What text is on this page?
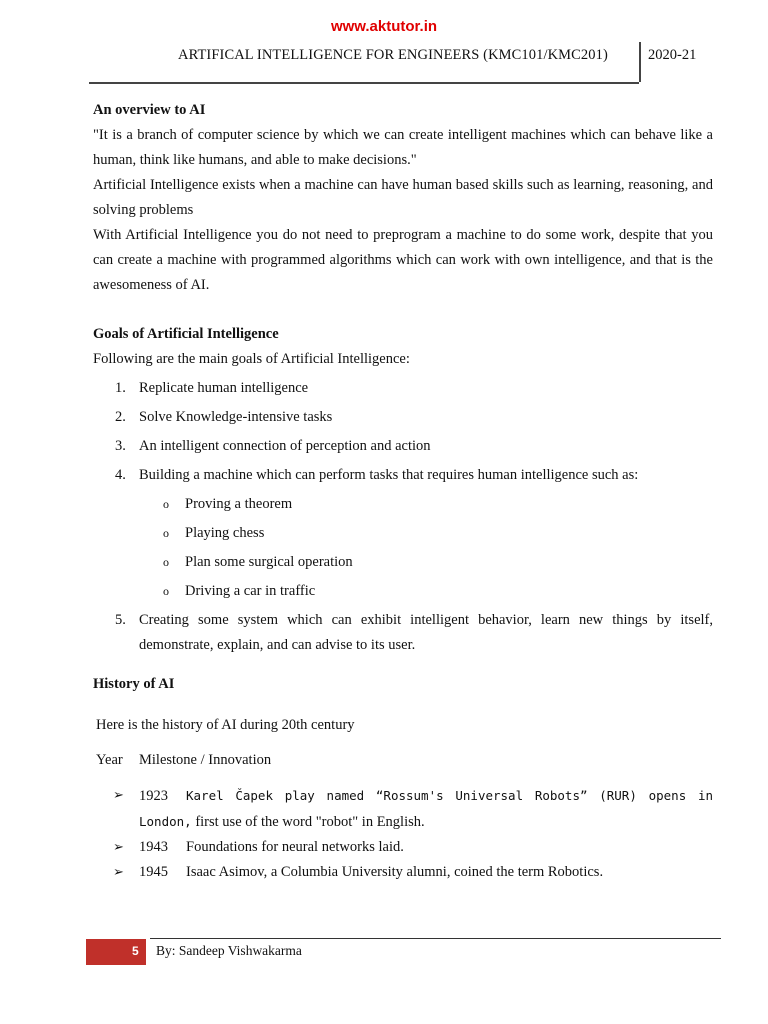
www.aktutor.in
ARTIFICAL INTELLIGENCE FOR ENGINEERS (KMC101/KMC201)	2020-21

An overview to AI

"It is a branch of computer science by which we can create intelligent machines which can behave like a human, think like humans, and able to make decisions."

Artificial Intelligence exists when a machine can have human based skills such as learning, reasoning, and solving problems

With Artificial Intelligence you do not need to preprogram a machine to do some work, despite that you can create a machine with programmed algorithms which can work with own intelligence, and that is the awesomeness of AI.

Goals of Artificial Intelligence

Following are the main goals of Artificial Intelligence:

1. Replicate human intelligence
2. Solve Knowledge-intensive tasks
3. An intelligent connection of perception and action
4. Building a machine which can perform tasks that requires human intelligence such as:
o Proving a theorem
o Playing chess
o Plan some surgical operation
o Driving a car in traffic
5. Creating some system which can exhibit intelligent behavior, learn new things by itself, demonstrate, explain, and can advise to its user.

History of AI

Here is the history of AI during 20th century

Year Milestone / Innovation

➢ 1923 Karel Čapek play named “Rossum's Universal Robots” (RUR) opens in London, first use of the word "robot" in English.
➢ 1943 Foundations for neural networks laid.
➢ 1945 Isaac Asimov, a Columbia University alumni, coined the term Robotics.
5 By: Sandeep Vishwakarma
